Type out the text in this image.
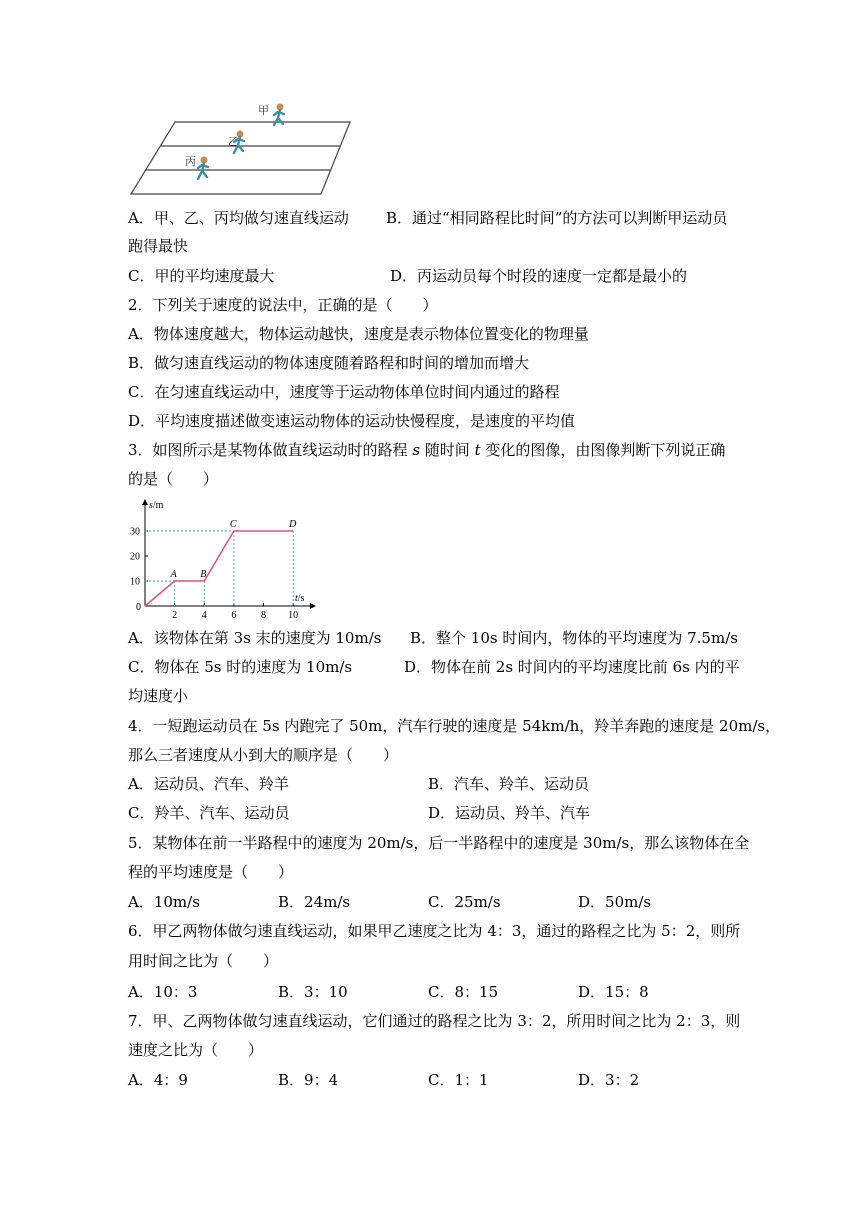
甲
乙
丙
A．甲、乙、丙均做匀速直线运动 B．通过“相同路程比时间”的方法可以判断甲运动员
跑得最快
C．甲的平均速度最大	D．丙运动员每个时段的速度一定都是最小的
2．下列关于速度的说法中，正确的是（　　）
A．物体速度越大，物体运动越快，速度是表示物体位置变化的物理量
B．做匀速直线运动的物体速度随着路程和时间的增加而增大
C．在匀速直线运动中，速度等于运动物体单位时间内通过的路程
D．平均速度描述做变速运动物体的运动快慢程度，是速度的平均值
3．如图所示是某物体做直线运动时的路程 s 随时间 t 变化的图像，由图像判断下列说正确
的是（　　）
s/m
t/s
0
10
20
30
2 4 6 8 10
A B
C	D
A．该物体在第 3s 末的速度为 10m/s B．整个 10s 时间内，物体的平均速度为 7.5m/s
C．物体在 5s 时的速度为 10m/s	D．物体在前 2s 时间内的平均速度比前 6s 内的平
均速度小
4．一短跑运动员在 5s 内跑完了 50m，汽车行驶的速度是 54km/h，羚羊奔跑的速度是 20m/s，
那么三者速度从小到大的顺序是（　　）
A．运动员、汽车、羚羊	B．汽车、羚羊、运动员
C．羚羊、汽车、运动员	D．运动员、羚羊、汽车
5．某物体在前一半路程中的速度为 20m/s，后一半路程中的速度是 30m/s，那么该物体在全
程的平均速度是（　　）
A．10m/s	B．24m/s	C．25m/s	D．50m/s
6．甲乙两物体做匀速直线运动，如果甲乙速度之比为 4：3，通过的路程之比为 5：2，则所
用时间之比为（　　）
A．10：3	B．3：10	C．8：15	D．15：8
7．甲、乙两物体做匀速直线运动，它们通过的路程之比为 3：2，所用时间之比为 2：3，则
速度之比为（　　）
A．4：9	B．9：4	C．1：1	D．3：2
